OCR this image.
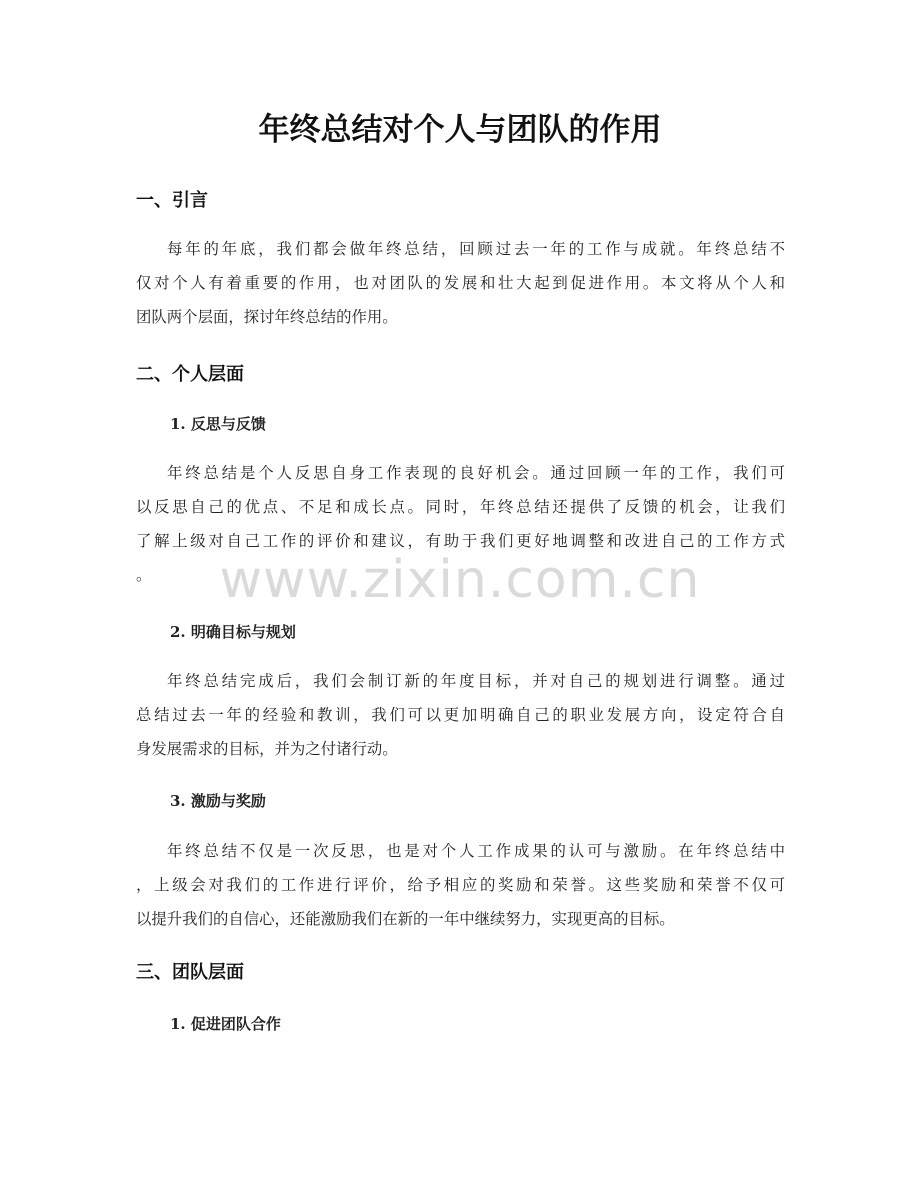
年终总结对个人与团队的作用
一、引言

每年的年底，我们都会做年终总结，回顾过去一年的工作与成就。年终总结不
仅对个人有着重要的作用，也对团队的发展和壮大起到促进作用。本文将从个人和
团队两个层面，探讨年终总结的作用。

二、个人层面
1. 反思与反馈

年终总结是个人反思自身工作表现的良好机会。通过回顾一年的工作，我们可
以反思自己的优点、不足和成长点。同时，年终总结还提供了反馈的机会，让我们
了解上级对自己工作的评价和建议，有助于我们更好地调整和改进自己的工作方式
。

2. 明确目标与规划

年终总结完成后，我们会制订新的年度目标，并对自己的规划进行调整。通过
总结过去一年的经验和教训，我们可以更加明确自己的职业发展方向，设定符合自
身发展需求的目标，并为之付诸行动。

3. 激励与奖励

年终总结不仅是一次反思，也是对个人工作成果的认可与激励。在年终总结中
，上级会对我们的工作进行评价，给予相应的奖励和荣誉。这些奖励和荣誉不仅可
以提升我们的自信心，还能激励我们在新的一年中继续努力，实现更高的目标。

三、团队层面
1. 促进团队合作
www.zixin.com.cn
